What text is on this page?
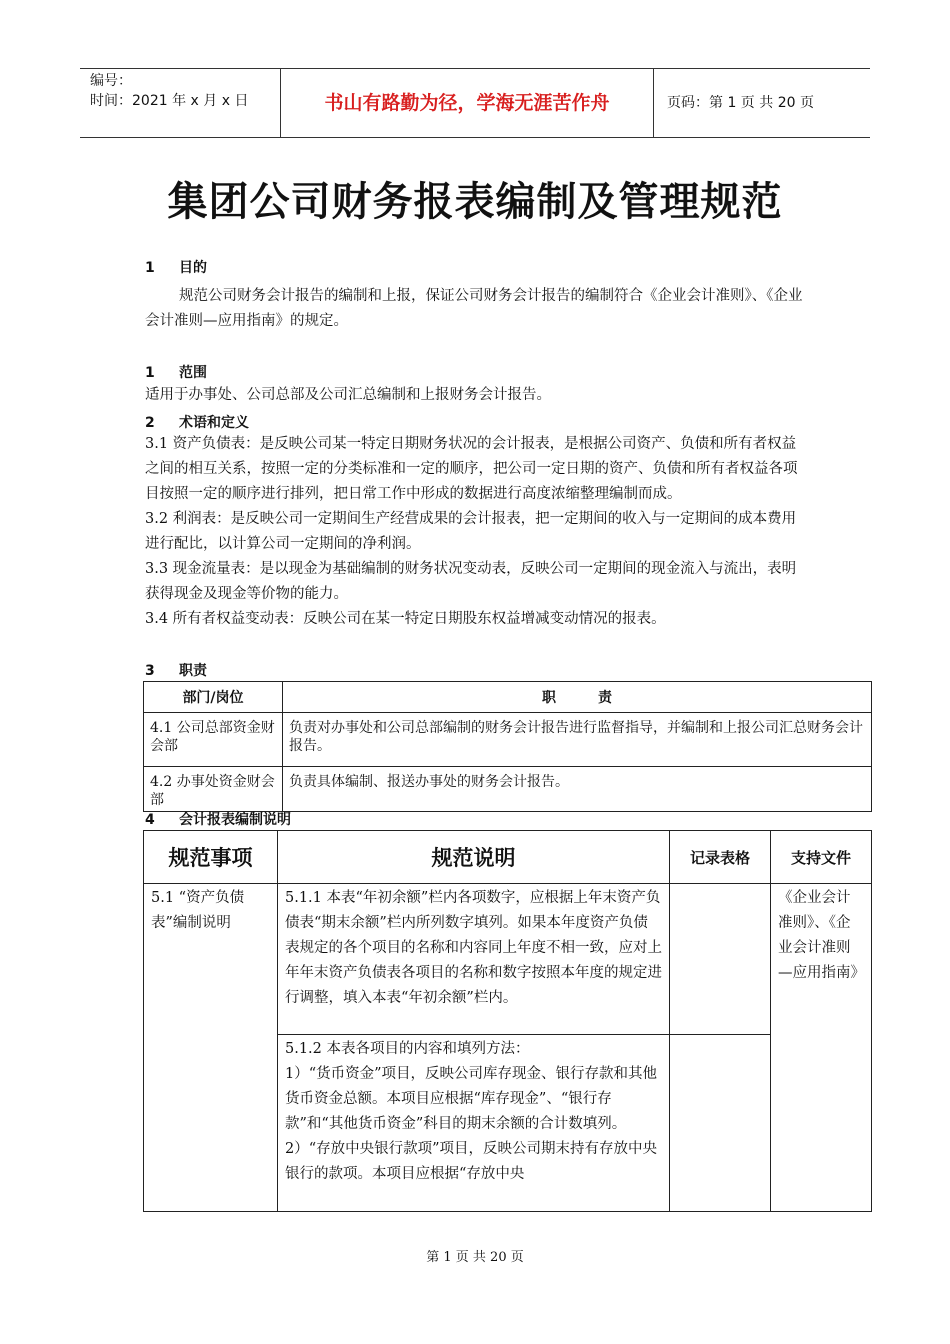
编号：
时间：2021 年 x 月 x 日	书山有路勤为径，学海无涯苦作舟	页码：第 1 页 共 20 页
集团公司财务报表编制及管理规范
1 目的
规范公司财务会计报告的编制和上报，保证公司财务会计报告的编制符合《企业会计准则》、《企业会计准则—应用指南》的规定。
1 范围
适用于办事处、公司总部及公司汇总编制和上报财务会计报告。
2 术语和定义
3.1 资产负债表：是反映公司某一特定日期财务状况的会计报表，是根据公司资产、负债和所有者权益之间的相互关系，按照一定的分类标准和一定的顺序，把公司一定日期的资产、负债和所有者权益各项目按照一定的顺序进行排列，把日常工作中形成的数据进行高度浓缩整理编制而成。
3.2 利润表：是反映公司一定期间生产经营成果的会计报表，把一定期间的收入与一定期间的成本费用进行配比，以计算公司一定期间的净利润。
3.3 现金流量表：是以现金为基础编制的财务状况变动表，反映公司一定期间的现金流入与流出，表明获得现金及现金等价物的能力。
3.4 所有者权益变动表：反映公司在某一特定日期股东权益增减变动情况的报表。
3 职责
部门/岗位	职　　　责
4.1 公司总部资金财会部	负责对办事处和公司总部编制的财务会计报告进行监督指导，并编制和上报公司汇总财务会计报告。
4.2 办事处资金财会部	负责具体编制、报送办事处的财务会计报告。
4 会计报表编制说明
规范事项	规范说明	记录表格	支持文件
5.1 “资产负债表”编制说明	5.1.1 本表“年初余额”栏内各项数字，应根据上年末资产负债表“期末余额”栏内所列数字填列。如果本年度资产负债表规定的各个项目的名称和内容同上年度不相一致，应对上年年末资产负债表各项目的名称和数字按照本年度的规定进行调整，填入本表“年初余额”栏内。		《企业会计准则》、《企业会计准则—应用指南》

	5.1.2 本表各项目的内容和填列方法：
1）“货币资金”项目，反映公司库存现金、银行存款和其他货币资金总额。本项目应根据“库存现金”、“银行存款”和“其他货币资金”科目的期末余额的合计数填列。
2）“存放中央银行款项”项目，反映公司期末持有存放中央银行的款项。本项目应根据“存放中央		

第 1 页 共 20 页
